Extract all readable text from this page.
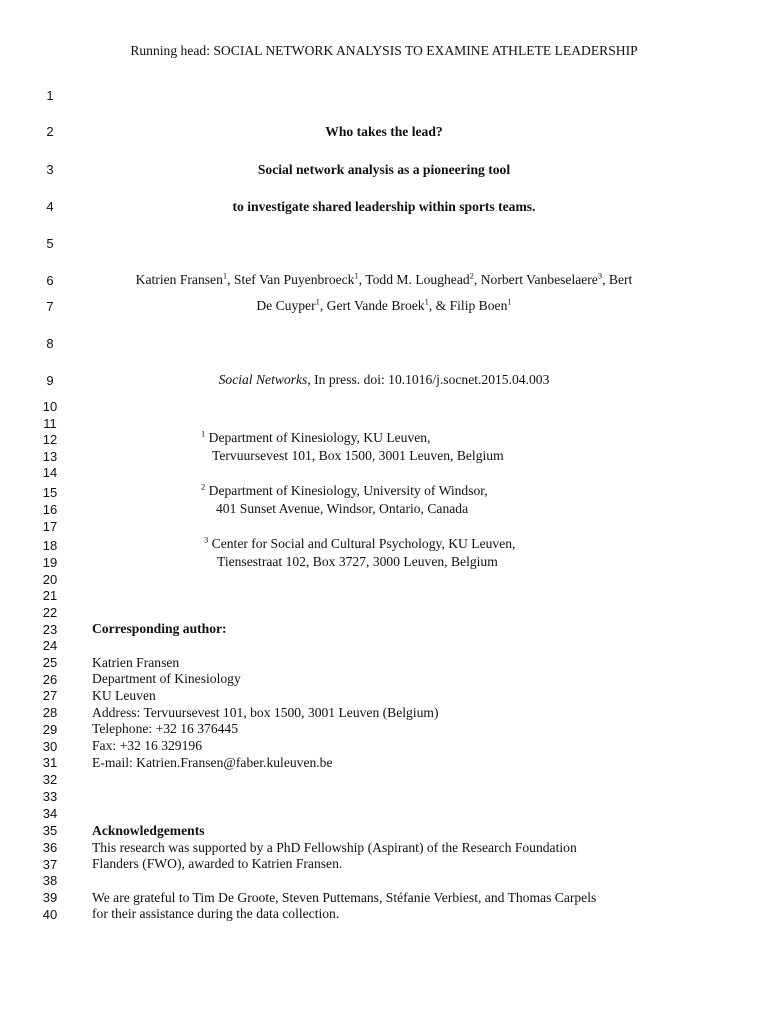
Running head: SOCIAL NETWORK ANALYSIS TO EXAMINE ATHLETE LEADERSHIP
1
2
3
4
5
6
7
8
9
10
11
12
13
14
15
16
17
18
19
20
21
22
23
24
25
26
27
28
29
30
31
32
33
34
35
36
37
38
39
40
Who takes the lead?
Social network analysis as a pioneering tool
to investigate shared leadership within sports teams.
Katrien Fransen$^1$, Stef Van Puyenbroeck$^1$, Todd M. Loughead$^2$, Norbert Vanbeselaere$^3$, Bert
De Cuyper$^1$, Gert Vande Broek$^1$, & Filip Boen$^1$
Social Networks, In press. doi: 10.1016/j.socnet.2015.04.003
$^1$ Department of Kinesiology, KU Leuven,
Tervuursevest 101, Box 1500, 3001 Leuven, Belgium
$^2$ Department of Kinesiology, University of Windsor,
401 Sunset Avenue, Windsor, Ontario, Canada
$^3$ Center for Social and Cultural Psychology, KU Leuven,
Tiensestraat 102, Box 3727, 3000 Leuven, Belgium
Corresponding author:
Katrien Fransen
Department of Kinesiology
KU Leuven
Address: Tervuursevest 101, box 1500, 3001 Leuven (Belgium)
Telephone: +32 16 376445
Fax: +32 16 329196
E-mail: Katrien.Fransen@faber.kuleuven.be
Acknowledgements
This research was supported by a PhD Fellowship (Aspirant) of the Research Foundation
Flanders (FWO), awarded to Katrien Fransen.
We are grateful to Tim De Groote, Steven Puttemans, Stéfanie Verbiest, and Thomas Carpels
for their assistance during the data collection.
